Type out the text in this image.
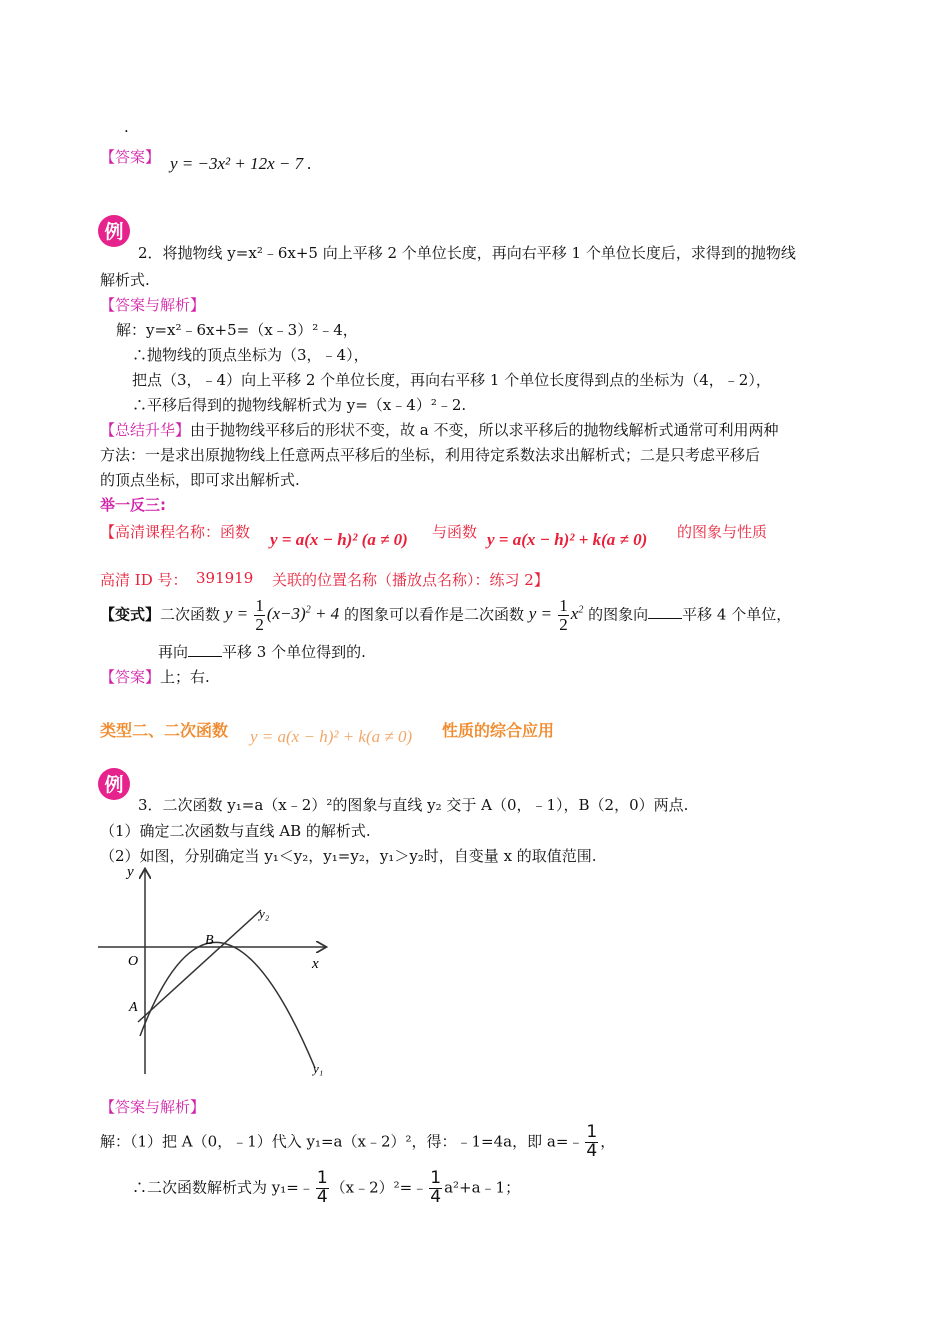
.
【答案】 y = −3x² + 12x − 7 .
例
2．将抛物线 y=x²﹣6x+5 向上平移 2 个单位长度，再向右平移 1 个单位长度后，求得到的抛物线
解析式.
【答案与解析】
解：y=x²﹣6x+5=（x﹣3）²﹣4，
∴抛物线的顶点坐标为（3，﹣4），
把点（3，﹣4）向上平移 2 个单位长度，再向右平移 1 个单位长度得到点的坐标为（4，﹣2），
∴平移后得到的抛物线解析式为 y=（x﹣4）²﹣2.
【总结升华】由于抛物线平移后的形状不变，故 a 不变，所以求平移后的抛物线解析式通常可利用两种
方法：一是求出原抛物线上任意两点平移后的坐标，利用待定系数法求出解析式；二是只考虑平移后
的顶点坐标，即可求出解析式.
举一反三:
【高清课程名称：函数 y = a(x − h)² (a ≠ 0) 与函数 y = a(x − h)² + k(a ≠ 0) 的图象与性质
高清 ID 号： 391919 关联的位置名称（播放点名称）：练习 2】
【变式】二次函数 $y = \frac{1}{2} (x-3)^2 + 4$ 的图象可以看作是二次函数 $y = \frac{1}{2} x^2$ 的图象向 平移 4 个单位，
再向 平移 3 个单位得到的.
【答案】上；右.
类型二、二次函数 y = a(x − h)² + k(a ≠ 0) 性质的综合应用
例
3．二次函数 y₁=a（x﹣2）²的图象与直线 y₂ 交于 A（0，﹣1），B（2，0）两点.
（1）确定二次函数与直线 AB 的解析式.
（2）如图，分别确定当 y₁＜y₂，y₁=y₂，y₁＞y₂时，自变量 x 的取值范围.
y
x
O
A
B
y₁
y₂
【答案与解析】
解：（1）把 A（0，﹣1）代入 y₁=a（x﹣2）²，得：﹣1=4a，即 a=﹣ $\frac{1}{4}$ ，
∴二次函数解析式为 y₁=﹣ $\frac{1}{4}$ （x﹣2）²=﹣ $\frac{1}{4}$ a²+a﹣1；
